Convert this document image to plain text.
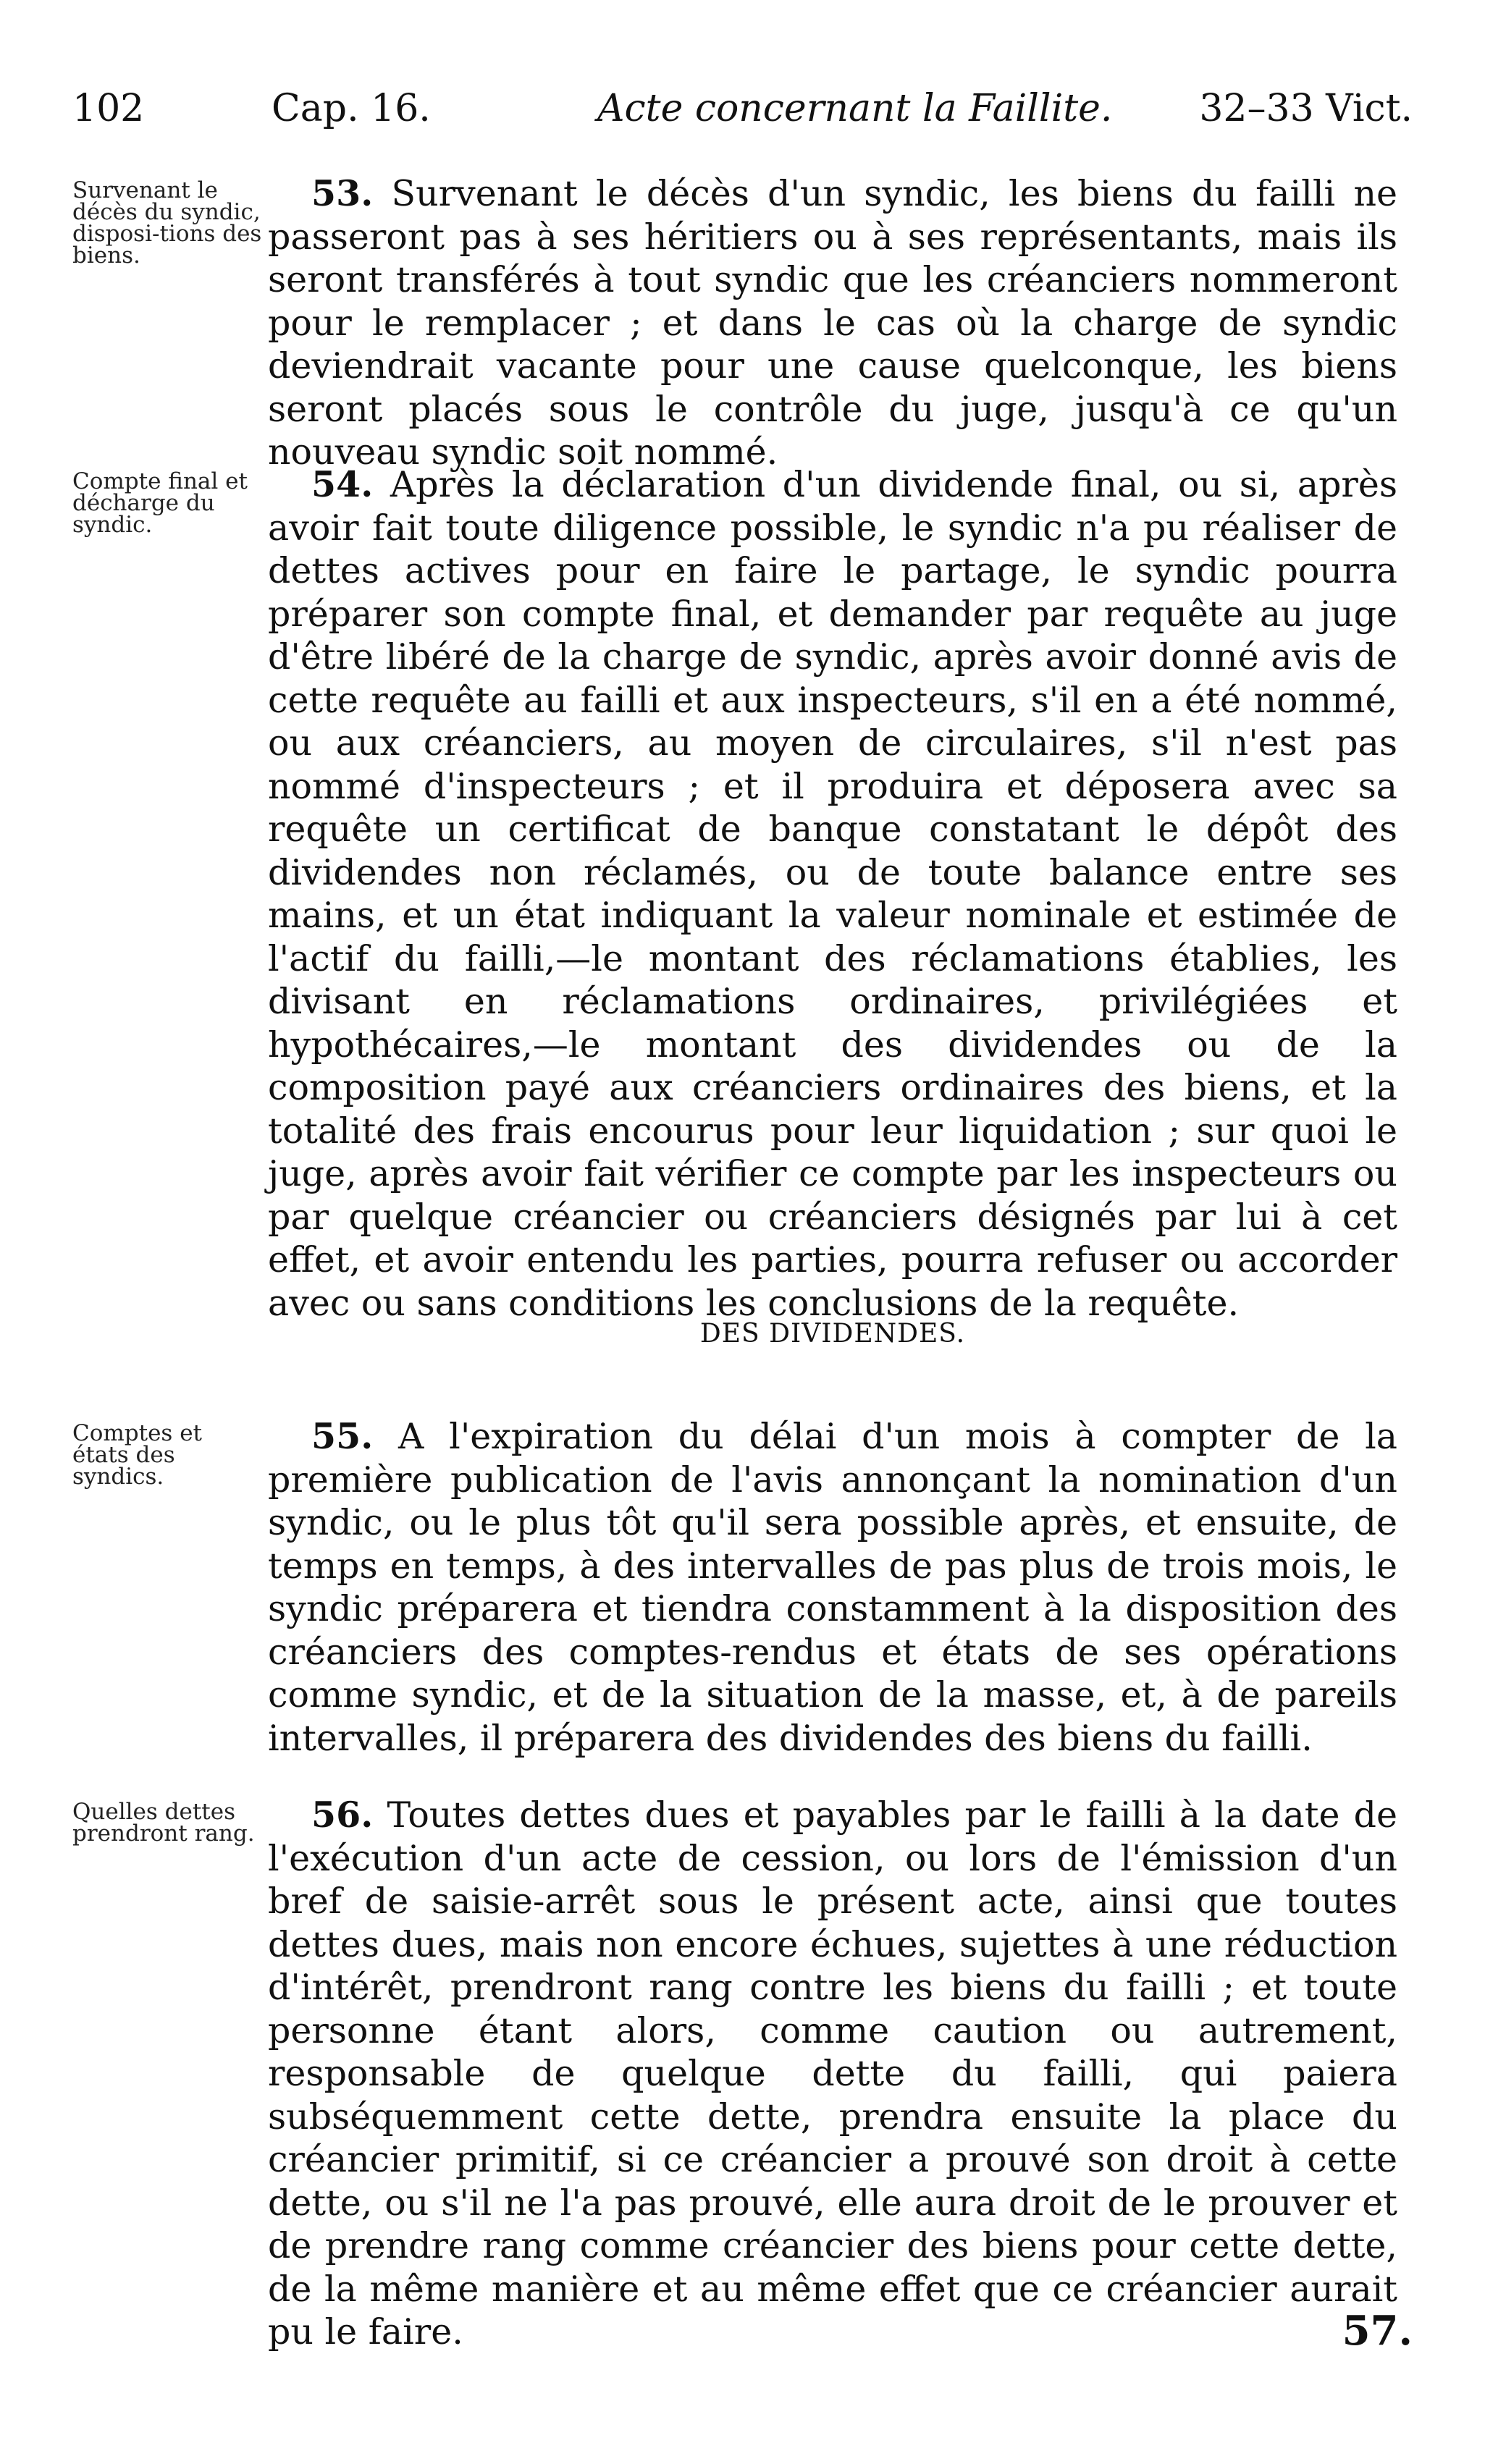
102	Cap. 16.	Acte concernant la Faillite. 32–33 Vict.
Survenant le décès du syndic, disposi-tions des biens.

53. Survenant le décès d'un syndic, les biens du failli ne passeront pas à ses héritiers ou à ses représentants, mais ils seront transférés à tout syndic que les créanciers nommeront pour le remplacer ; et dans le cas où la charge de syndic deviendrait vacante pour une cause quelconque, les biens seront placés sous le contrôle du juge, jusqu'à ce qu'un nouveau syndic soit nommé.

Compte final et décharge du syndic.

54. Après la déclaration d'un dividende final, ou si, après avoir fait toute diligence possible, le syndic n'a pu réaliser de dettes actives pour en faire le partage, le syndic pourra préparer son compte final, et demander par requête au juge d'être libéré de la charge de syndic, après avoir donné avis de cette requête au failli et aux inspecteurs, s'il en a été nommé, ou aux créanciers, au moyen de circulaires, s'il n'est pas nommé d'inspecteurs ; et il produira et déposera avec sa requête un certificat de banque constatant le dépôt des dividendes non réclamés, ou de toute balance entre ses mains, et un état indiquant la valeur nominale et estimée de l'actif du failli,—le montant des réclamations établies, les divisant en réclamations ordinaires, privilégiées et hypothécaires,—le montant des dividendes ou de la composition payé aux créanciers ordinaires des biens, et la totalité des frais encourus pour leur liquidation ; sur quoi le juge, après avoir fait vérifier ce compte par les inspecteurs ou par quelque créancier ou créanciers désignés par lui à cet effet, et avoir entendu les parties, pourra refuser ou accorder avec ou sans conditions les conclusions de la requête.

DES DIVIDENDES.
Comptes et états des syndics.

55. A l'expiration du délai d'un mois à compter de la première publication de l'avis annonçant la nomination d'un syndic, ou le plus tôt qu'il sera possible après, et ensuite, de temps en temps, à des intervalles de pas plus de trois mois, le syndic préparera et tiendra constamment à la disposition des créanciers des comptes-rendus et états de ses opérations comme syndic, et de la situation de la masse, et, à de pareils intervalles, il préparera des dividendes des biens du failli.

Quelles dettes prendront rang.	56. Toutes dettes dues et payables par le failli à la date de l'exécution d'un acte de cession, ou lors de l'émission d'un bref de saisie-arrêt sous le présent acte, ainsi que toutes dettes dues, mais non encore échues, sujettes à une réduction d'intérêt, prendront rang contre les biens du failli ; et toute personne étant alors, comme caution ou autrement, responsable de quelque dette du failli, qui paiera subséquemment cette dette, prendra ensuite la place du créancier primitif, si ce créancier a prouvé son droit à cette dette, ou s'il ne l'a pas prouvé, elle aura droit de le prouver et de prendre rang comme créancier des biens pour cette dette, de la même manière et au même effet que ce créancier aurait pu le faire.	57.
